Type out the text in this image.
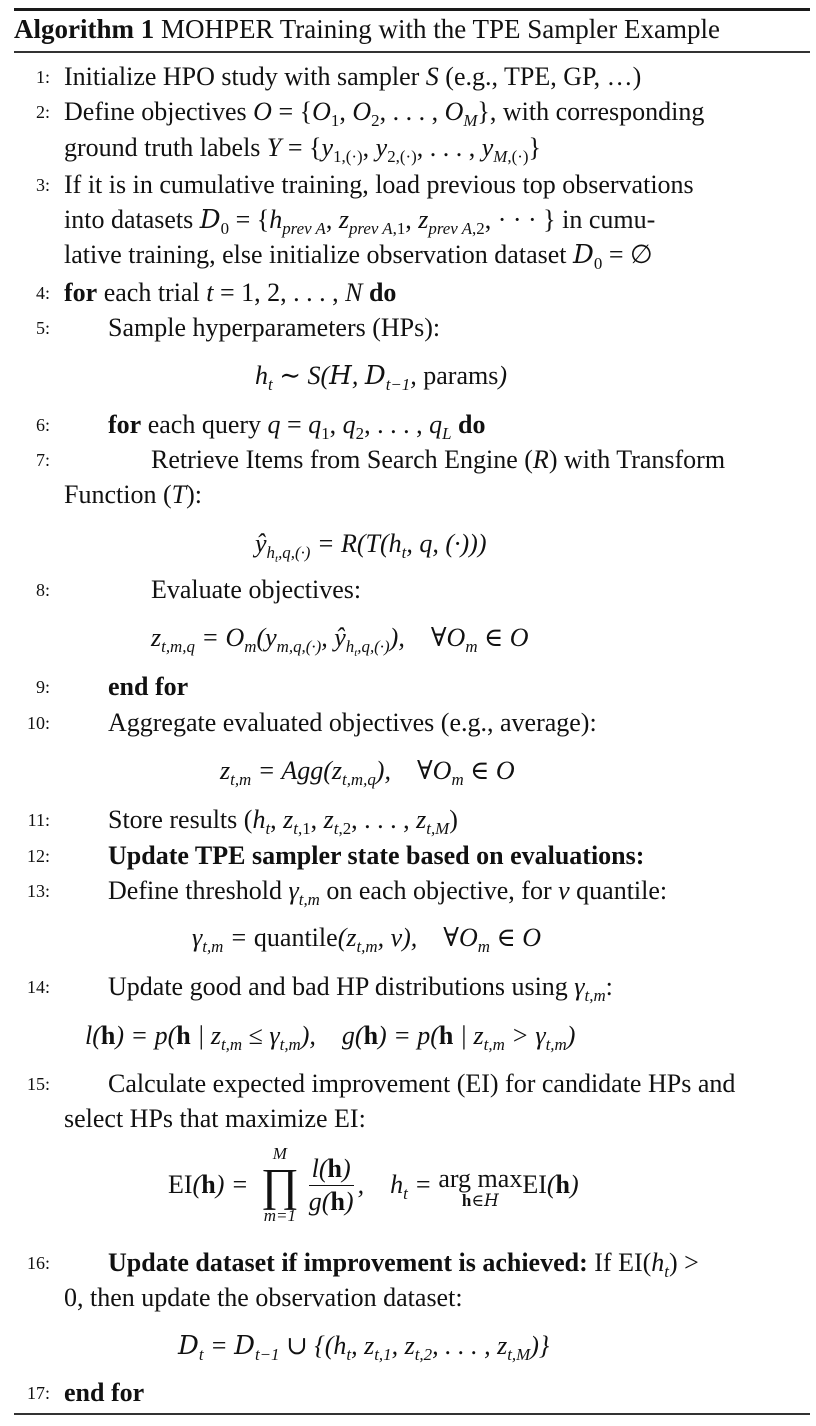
Algorithm 1 MOHPER Training with the TPE Sampler Example
1: Initialize HPO study with sampler S (e.g., TPE, GP, …)
2: Define objectives $O = \{O_1$, $O_2$, . . . , $O_M$}, with corresponding
ground truth labels $Y = \{y_{1,(\cdot)}$, $y_{2,(\cdot)}$, . . . , $y_{M,(\cdot)}$}
3: If it is in cumulative training, load previous top observations
into datasets $D_0 = \{h_{prev A}$, $z_{prev A,1}$, $z_{prev A,2}$, · · · } in cumu-
lative training, else initialize observation dataset $D_0$ = ∅
4: for each trial t = 1, 2, . . . , N do
5: Sample hyperparameters (HPs):
$h_t$ ∼ S(H, $D_{t-1}$, params)
6: for each query $q = q_1$, $q_2$, . . . , $q_L$ do
7:	Retrieve Items from Search Engine (R) with Transform
Function (T):
$ŷ_{h_t,q,(\cdot)} = R(T(h_t$, q, (·)))
8:	Evaluate objectives:
$z_{t,m,q} = O_m(y_{m,q,(\cdot)}$, $ŷ_{h_t,q,(\cdot)}$),    $\forall O_m$ ∈ O
9: end for
10: Aggregate evaluated objectives (e.g., average):
$z_{t,m} = Agg(z_{t,m,q})$,    $\forall O_m$ ∈ O
11: Store results ($h_t$, $z_{t,1}$, $z_{t,2}$, . . . , $z_{t,M}$)
12: Update TPE sampler state based on evaluations:
13: Define threshold $\gamma_{t,m}$ on each objective, for v quantile:
$\gamma_{t,m}$ = $quantile(z_{t,m}$, v),    $\forall O_m$ ∈ O
14: Update good and bad HP distributions using $\gamma_{t,m}$:
l(h) = p(h | $z_{t,m} \le \gamma_{t,m}$),    g(h) = p(h | $z_{t,m} > \gamma_{t,m}$)
15: Calculate expected improvement (EI) for candidate HPs and
select HPs that maximize EI:
EI(h) =
M
∏
$m=1 \frac{l(h)}{g(h)}$ ,    $h_t$ = arg max
h∈H
EI(h)
16: Update dataset if improvement is achieved: If $EI(h_t)$ >
0, then update the observation dataset:
$D_t = D_{t-1}$ ∪ {($h_t$, $z_{t,1}$, $z_{t,2}$, . . . , $z_{t,M}$)}
17: end for
